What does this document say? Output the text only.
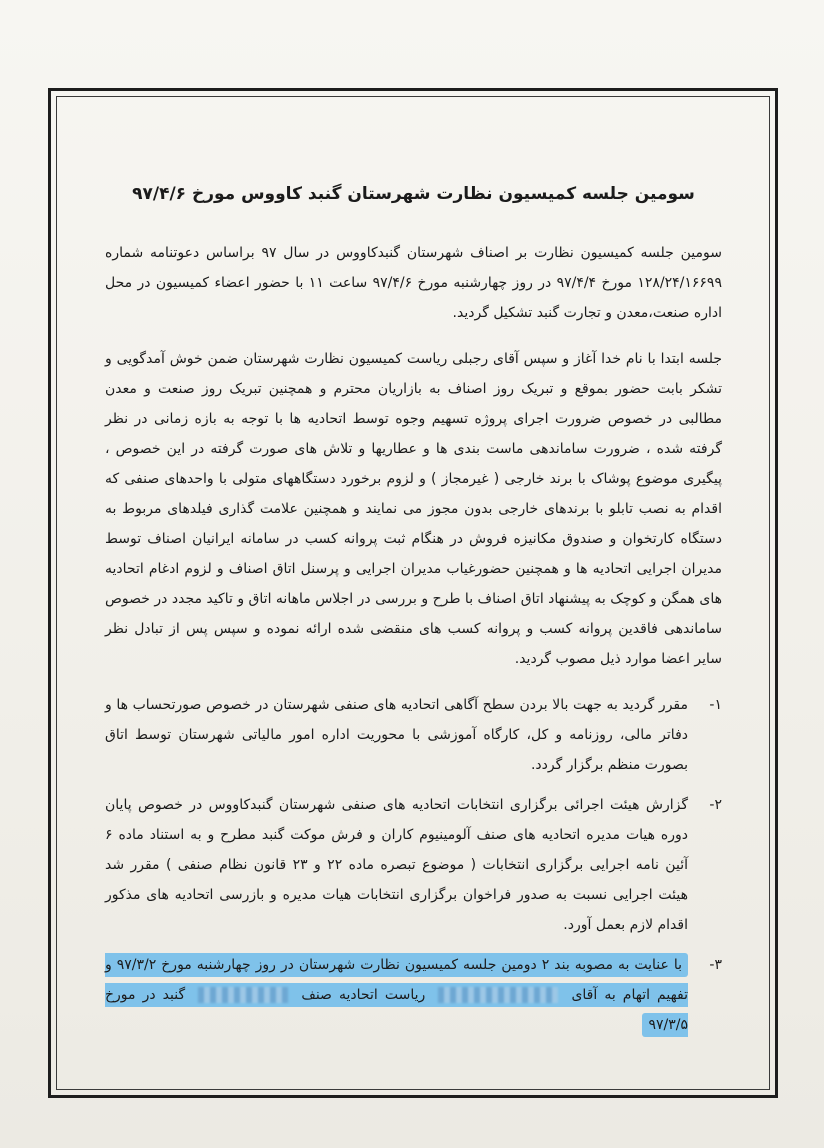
سومین جلسه کمیسیون نظارت شهرستان گنبد کاووس مورخ ۹۷/۴/۶

سومین جلسه کمیسیون نظارت بر اصناف شهرستان گنبدکاووس در سال ۹۷ براساس دعوتنامه شماره ۱۲۸/۲۴/۱۶۶۹۹ مورخ ۹۷/۴/۴ در روز چهارشنبه مورخ ۹۷/۴/۶ ساعت ۱۱ با حضور اعضاء کمیسیون در محل اداره صنعت،معدن و تجارت گنبد تشکیل گردید.

جلسه ابتدا با نام خدا آغاز و سپس آقای رجبلی ریاست کمیسیون نظارت شهرستان ضمن خوش آمدگویی و تشکر بابت حضور بموقع و تبریک روز اصناف به بازاریان محترم و همچنین تبریک روز صنعت و معدن مطالبی در خصوص ضرورت اجرای پروژه تسهیم وجوه توسط اتحادیه ها با توجه به بازه زمانی در نظر گرفته شده ، ضرورت ساماندهی ماست بندی ها و عطاریها و تلاش های صورت گرفته در این خصوص ، پیگیری موضوع پوشاک با برند خارجی ( غیرمجاز ) و لزوم برخورد دستگاههای متولی با واحدهای صنفی که اقدام به نصب تابلو با برندهای خارجی بدون مجوز می نمایند و همچنین علامت گذاری فیلدهای مربوط به دستگاه کارتخوان و صندوق مکانیزه فروش در هنگام ثبت پروانه کسب در سامانه ایرانیان اصناف توسط مدیران اجرایی اتحادیه ها و همچنین حضورغیاب مدیران اجرایی و پرسنل اتاق اصناف و لزوم ادغام اتحادیه های همگن و کوچک به پیشنهاد اتاق اصناف با طرح و بررسی در اجلاس ماهانه اتاق و تاکید مجدد در خصوص ساماندهی فاقدین پروانه کسب و پروانه کسب های منقضی شده ارائه نموده و سپس پس از تبادل نظر سایر اعضا موارد ذیل مصوب گردید.

۱-

مقرر گردید به جهت بالا بردن سطح آگاهی اتحادیه های صنفی شهرستان در خصوص صورتحساب ها و دفاتر مالی، روزنامه و کل، کارگاه آموزشی با محوریت اداره امور مالیاتی شهرستان توسط اتاق بصورت منظم برگزار گردد.

۲-

گزارش هیئت اجرائی برگزاری انتخابات اتحادیه های صنفی شهرستان گنبدکاووس در خصوص پایان دوره هیات مدیره اتحادیه های صنف آلومینیوم کاران و فرش موکت گنبد مطرح و به استناد ماده ۶ آئین نامه اجرایی برگزاری انتخابات ( موضوع تبصره ماده ۲۲ و ۲۳ قانون نظام صنفی ) مقرر شد هیئت اجرایی نسبت به صدور فراخوان برگزاری انتخابات هیات مدیره و بازرسی اتحادیه های مذکور اقدام لازم بعمل آورد.

۳-

با عنایت به مصوبه بند ۲ دومین جلسه کمیسیون نظارت شهرستان در روز چهارشنبه مورخ ۹۷/۳/۲ و تفهیم اتهام به آقای  ریاست اتحادیه صنف  گنبد در مورخ ۹۷/۳/۵
